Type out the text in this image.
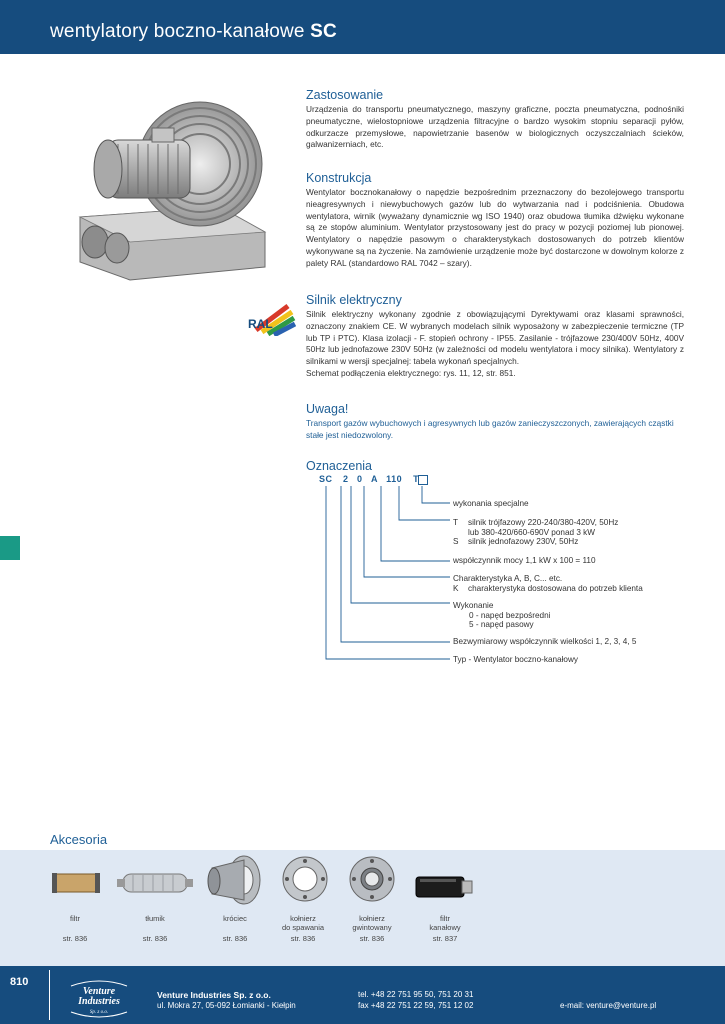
wentylatory boczno-kanałowe SC
RAL
Zastosowanie

Urządzenia do transportu pneumatycznego, maszyny graficzne, poczta pneumatyczna, podnośniki pneumatyczne, wielostopniowe urządzenia filtracyjne o bardzo wysokim stopniu separacji pyłów, odkurzacze przemysłowe, napowietrzanie basenów w biologicznych oczyszczalniach ścieków, galwanizerniach, etc.

Konstrukcja

Wentylator bocznokanałowy o napędzie bezpośrednim przeznaczony do bezolejowego transportu nieagresywnych i niewybuchowych gazów lub do wytwarzania nad i podciśnienia. Obudowa wentylatora, wirnik (wyważany dynamicznie wg ISO 1940) oraz obudowa tłumika dźwięku wykonane są ze stopów aluminium. Wentylator przystosowany jest do pracy w pozycji poziomej lub pionowej. Wentylatory o napędzie pasowym o charakterystykach dostosowanych do potrzeb klientów wykonywane są na życzenie. Na zamówienie urządzenie może być dostarczone w dowolnym kolorze z palety RAL (standardowo RAL 7042 – szary).

Silnik elektryczny

Silnik elektryczny wykonany zgodnie z obowiązującymi Dyrektywami oraz klasami sprawności, oznaczony znakiem CE. W wybranych modelach silnik wyposażony w zabezpieczenie termiczne (TP lub TP i PTC). Klasa izolacji - F. stopień ochrony - IP55. Zasilanie - trójfazowe 230/400V 50Hz, 400V 50Hz lub jednofazowe 230V 50Hz (w zależności od modelu wentylatora i mocy silnika). Wentylatory z silnikami w wersji specjalnej: tabela wykonań specjalnych.

Schemat podłączenia elektrycznego: rys. 11, 12, str. 851.

Uwaga!

Transport gazów wybuchowych i agresywnych lub gazów zanieczyszczonych, zawierających cząstki stałe jest niedozwolony.

Oznaczenia
SC 2 0 A 110 T
wykonania specjalne
T silnik trójfazowy 220-240/380-420V, 50Hz
lub 380-420/660-690V ponad 3 kW
S silnik jednofazowy 230V, 50Hz
współczynnik mocy 1,1 kW x 100 = 110
Charakterystyka A, B, C... etc.
K charakterystyka dostosowana do potrzeb klienta
Wykonanie
0 - napęd bezpośredni
5 - napęd pasowy
Bezwymiarowy współczynnik wielkości 1, 2, 3, 4, 5
Typ - Wentylator boczno-kanałowy
Akcesoria
filtr
str. 836
tłumik
str. 836
króciec
str. 836
kołnierz
do spawania
str. 836
kołnierz
gwintowany
str. 836
filtr
kanałowy
str. 837
810
Venture
Industries
Sp. z o.o.
Venture Industries Sp. z o.o.
ul. Mokra 27, 05-092 Łomianki - Kiełpin
tel. +48 22 751 95 50, 751 20 31
fax +48 22 751 22 59, 751 12 02	e-mail: venture@venture.pl
